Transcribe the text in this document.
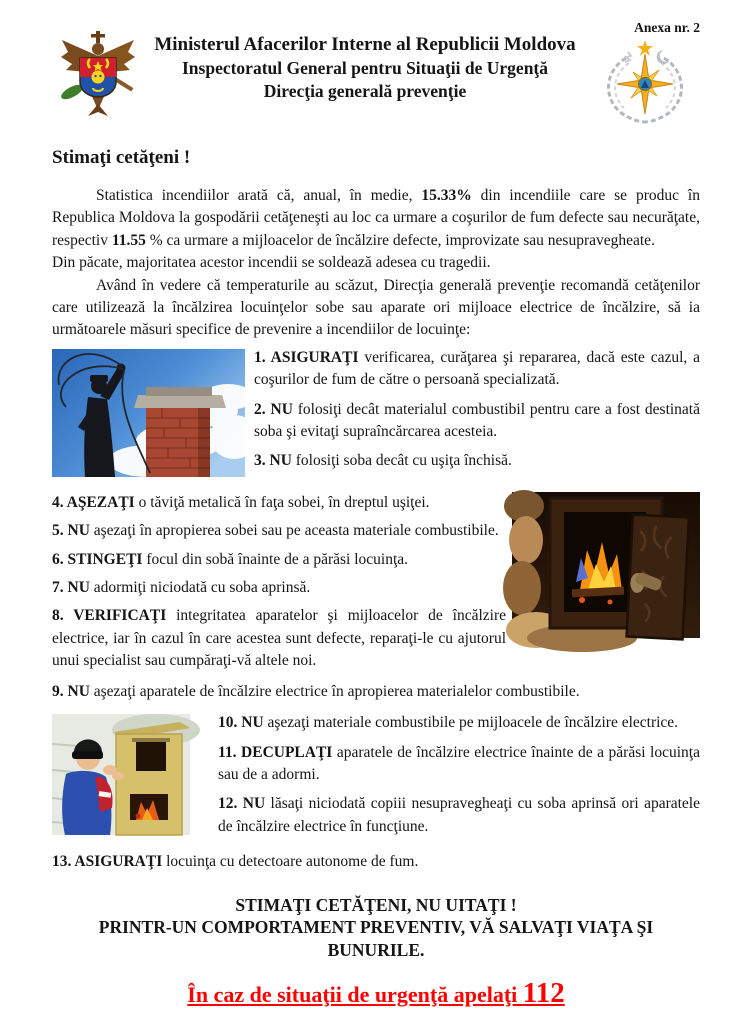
Ministerul Afacerilor Interne al Republicii Moldova
Inspectoratul General pentru Situaţii de Urgenţă
Direcţia generală prevenţie
Anexa nr. 2
Stimaţi cetăţeni !

Statistica incendiilor arată că, anual, în medie, 15.33% din incendiile care se produc în Republica Moldova la gospodării cetăţeneşti au loc ca urmare a coşurilor de fum defecte sau necurăţate, respectiv 11.55 % ca urmare a mijloacelor de încălzire defecte, improvizate sau nesupravegheate.

Din păcate, majoritatea acestor incendii se soldează adesea cu tragedii.

Având în vedere că temperaturile au scăzut, Direcţia generală prevenţie recomandă cetăţenilor care utilizează la încălzirea locuinţelor sobe sau aparate ori mijloace electrice de încălzire, să ia următoarele măsuri specifice de prevenire a incendiilor de locuinţe:

1. ASIGURAŢI verificarea, curăţarea şi repararea, dacă este cazul, a coşurilor de fum de către o persoană specializată.

2. NU folosiţi decât materialul combustibil pentru care a fost destinată soba şi evitaţi supraîncărcarea acesteia.

3. NU folosiţi soba decât cu uşiţa închisă.

4. AŞEZAŢI o tăviţă metalică în faţa sobei, în dreptul uşiţei.

5. NU aşezaţi în apropierea sobei sau pe aceasta materiale combustibile.

6. STINGEŢI focul din sobă înainte de a părăsi locuinţa.

7. NU adormiţi niciodată cu soba aprinsă.

8. VERIFICAŢI integritatea aparatelor şi mijloacelor de încălzire electrice, iar în cazul în care acestea sunt defecte, reparaţi-le cu ajutorul unui specialist sau cumpăraţi-vă altele noi.

9. NU aşezaţi aparatele de încălzire electrice în apropierea materialelor combustibile.

10. NU aşezaţi materiale combustibile pe mijloacele de încălzire electrice.

11. DECUPLAŢI aparatele de încălzire electrice înainte de a părăsi locuinţa sau de a adormi.

12. NU lăsaţi niciodată copiii nesupravegheaţi cu soba aprinsă ori aparatele de încălzire electrice în funcţiune.

13. ASIGURAŢI locuinţa cu detectoare autonome de fum.

STIMAŢI CETĂŢENI, NU UITAŢI !
PRINTR-UN COMPORTAMENT PREVENTIV, VĂ SALVAŢI VIAŢA ŞI BUNURILE.
În caz de situaţii de urgenţă apelaţi 112
